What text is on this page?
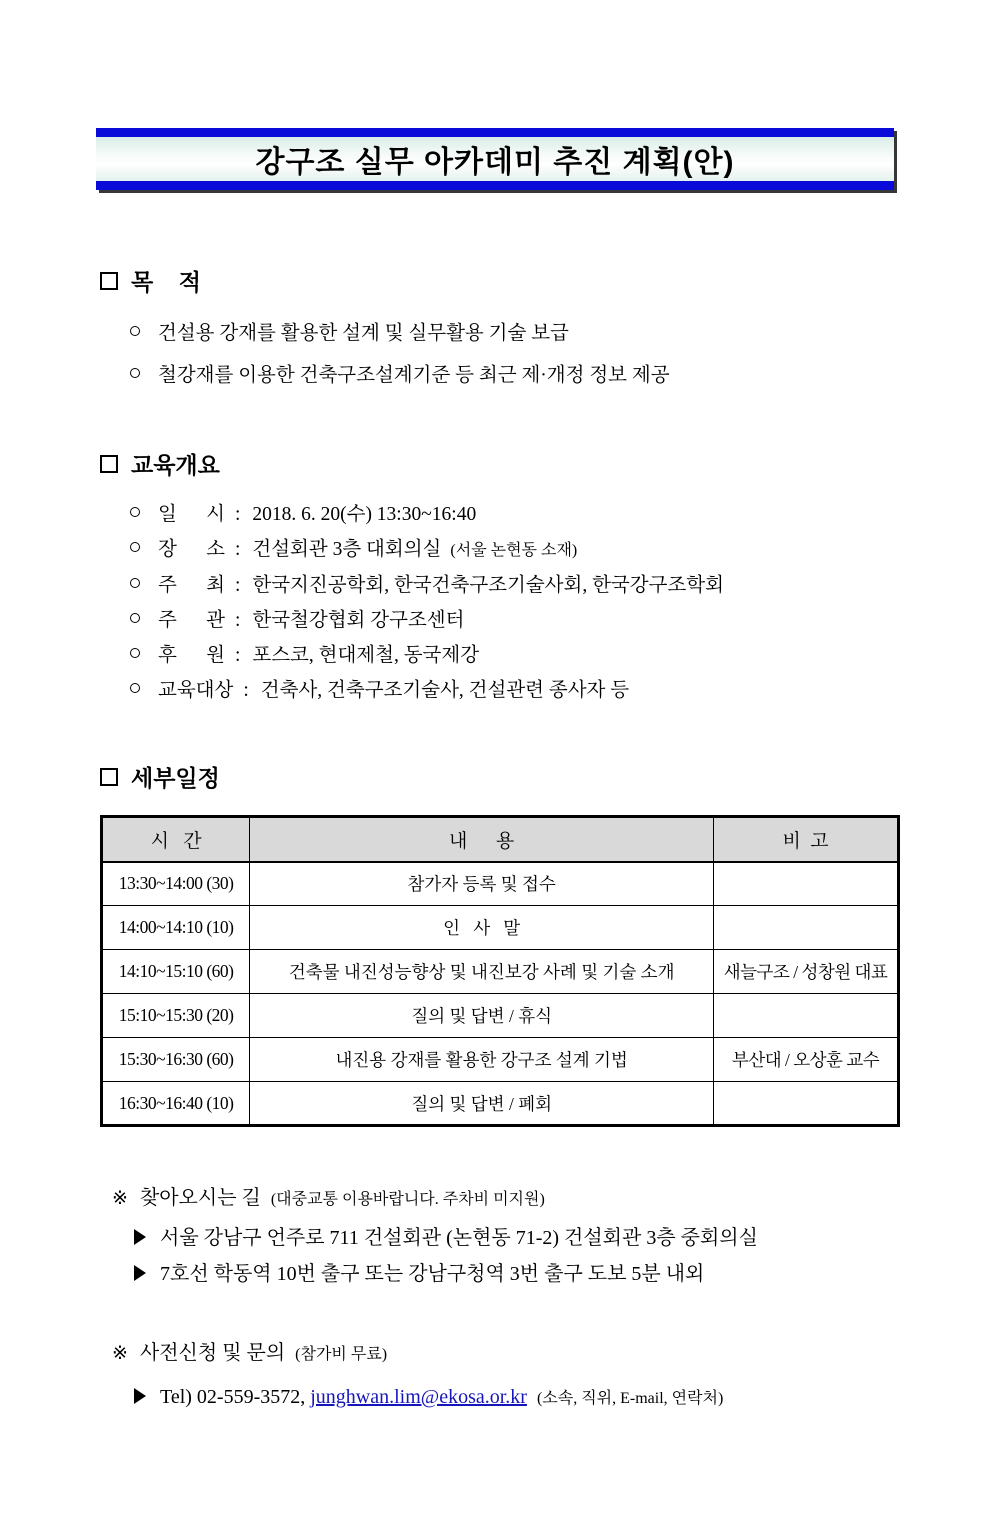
강구조 실무 아카데미 추진 계획(안)
목    적
건설용 강재를 활용한 설계 및 실무활용 기술 보급
철강재를 이용한 건축구조설계기준 등 최근 제·개정 정보 제공
교육개요
일      시 : 2018. 6. 20(수) 13:30~16:40
장      소 : 건설회관 3층 대회의실 (서울 논현동 소재)
주      최 : 한국지진공학회, 한국건축구조기술사회, 한국강구조학회
주      관 : 한국철강협회 강구조센터
후      원 : 포스코, 현대제철, 동국제강
교육대상 : 건축사, 건축구조기술사, 건설관련 종사자 등
세부일정
시   간	내      용	비  고
13:30~14:00 (30)	참가자 등록 및 접수	
14:00~14:10 (10)	인   사   말	
14:10~15:10 (60)	건축물 내진성능향상 및 내진보강 사례 및 기술 소개	새늘구조 / 성창원 대표
15:10~15:30 (20)	질의 및 답변 / 휴식	
15:30~16:30 (60)	내진용 강재를 활용한 강구조 설계 기법	부산대 / 오상훈 교수
16:30~16:40 (10)	질의 및 답변 / 폐회	
※ 찾아오시는 길 (대중교통 이용바랍니다. 주차비 미지원)
서울 강남구 언주로 711 건설회관 (논현동 71-2) 건설회관 3층 중회의실
7호선 학동역 10번 출구 또는 강남구청역 3번 출구 도보 5분 내외
※ 사전신청 및 문의 (참가비 무료)
Tel) 02-559-3572, junghwan.lim@ekosa.or.kr (소속, 직위, E-mail, 연락처)
